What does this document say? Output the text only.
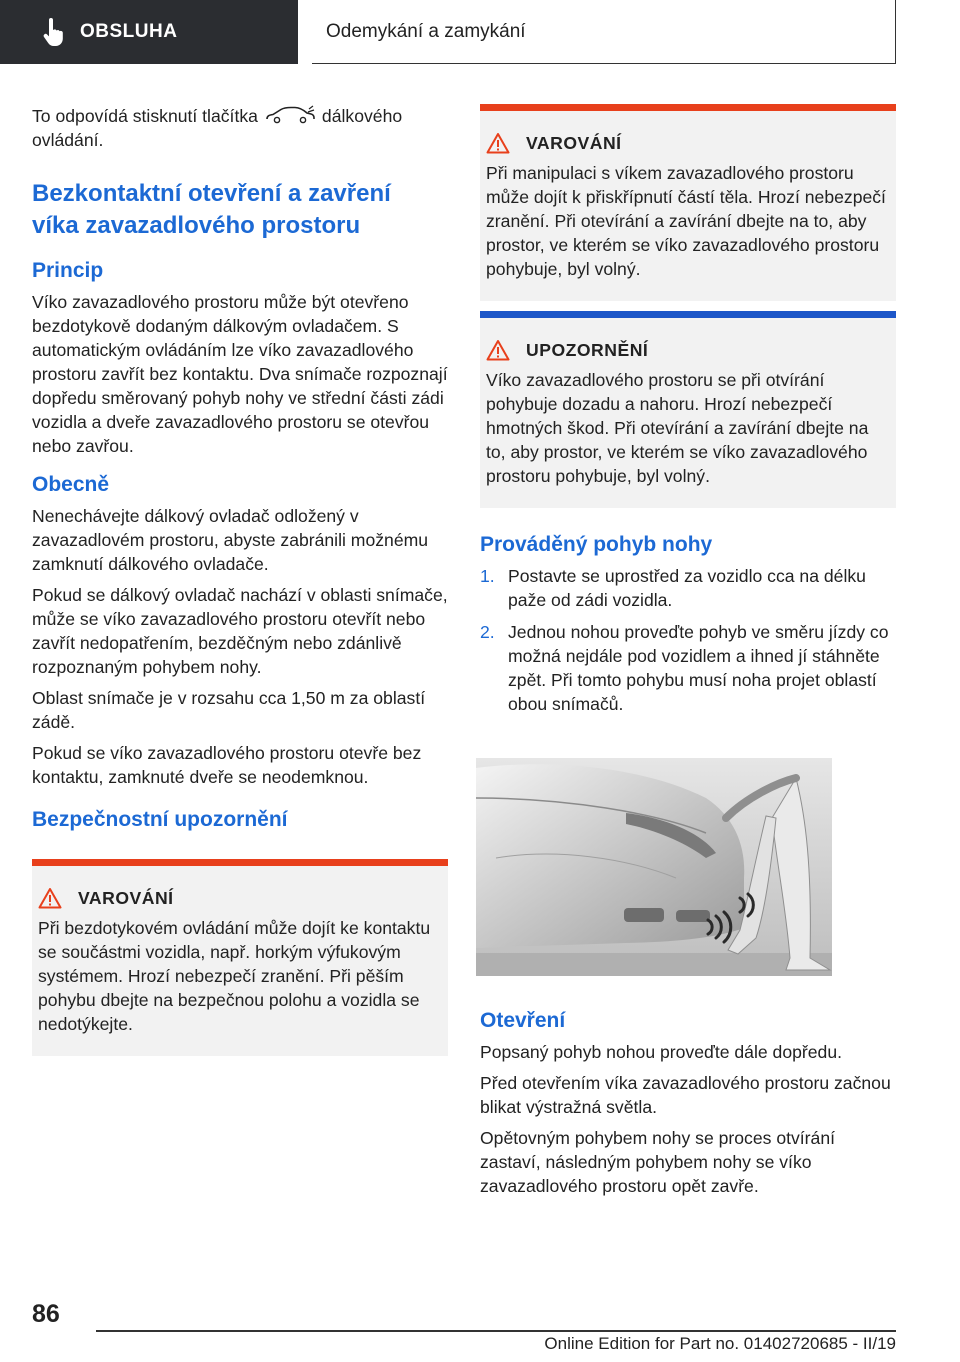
OBSLUHA	Odemykání a zamykání

To odpovídá stisknutí tlačítka	dálkového
ovládání.

Bezkontaktní otevření a zavření
víka zavazadlového prostoru
Princip

Víko zavazadlového prostoru může být otevřeno bezdotykově dodaným dálkovým ovladačem. S automatickým ovládáním lze víko zavazadlového prostoru zavřít bez kontaktu. Dva snímače rozpoznají dopředu směrovaný pohyb nohy ve střední části zádi vozidla a dveře zavazadlového prostoru se otevřou nebo zavřou.

Obecně

Nenechávejte dálkový ovladač odložený v zavazadlovém prostoru, abyste zabránili možnému zamknutí dálkového ovladače.

Pokud se dálkový ovladač nachází v oblasti snímače, může se víko zavazadlového prostoru otevřít nebo zavřít nedopatřením, bezděčným nebo zdánlivě rozpoznaným pohybem nohy.

Oblast snímače je v rozsahu cca 1,50 m za oblastí zádě.

Pokud se víko zavazadlového prostoru otevře bez kontaktu, zamknuté dveře se neodemknou.

Bezpečnostní upozornění
VAROVÁNÍ

Při bezdotykovém ovládání může dojít ke kontaktu se součástmi vozidla, např. horkým výfukovým systémem. Hrozí nebezpečí zranění. Při pěším pohybu dbejte na bezpečnou polohu a vozidla se nedotýkejte.

VAROVÁNÍ

Při manipulaci s víkem zavazadlového prostoru může dojít k přiskřípnutí částí těla. Hrozí nebezpečí zranění. Při otevírání a zavírání dbejte na to, aby prostor, ve kterém se víko zavazadlového prostoru pohybuje, byl volný.

UPOZORNĚNÍ

Víko zavazadlového prostoru se při otvírání pohybuje dozadu a nahoru. Hrozí nebezpečí hmotných škod. Při otevírání a zavírání dbejte na to, aby prostor, ve kterém se víko zavazadlového prostoru pohybuje, byl volný.

Prováděný pohyb nohy
1. Postavte se uprostřed za vozidlo cca na délku paže od zádi vozidla.
2. Jednou nohou proveďte pohyb ve směru jízdy co možná nejdále pod vozidlem a ihned jí stáhněte zpět. Při tomto pohybu musí noha projet oblastí obou snímačů.
Otevření

Popsaný pohyb nohou proveďte dále dopředu.

Před otevřením víka zavazadlového prostoru začnou blikat výstražná světla.

Opětovným pohybem nohy se proces otvírání zastaví, následným pohybem nohy se víko zavazadlového prostoru opět zavře.

86
Online Edition for Part no. 01402720685 - II/19
